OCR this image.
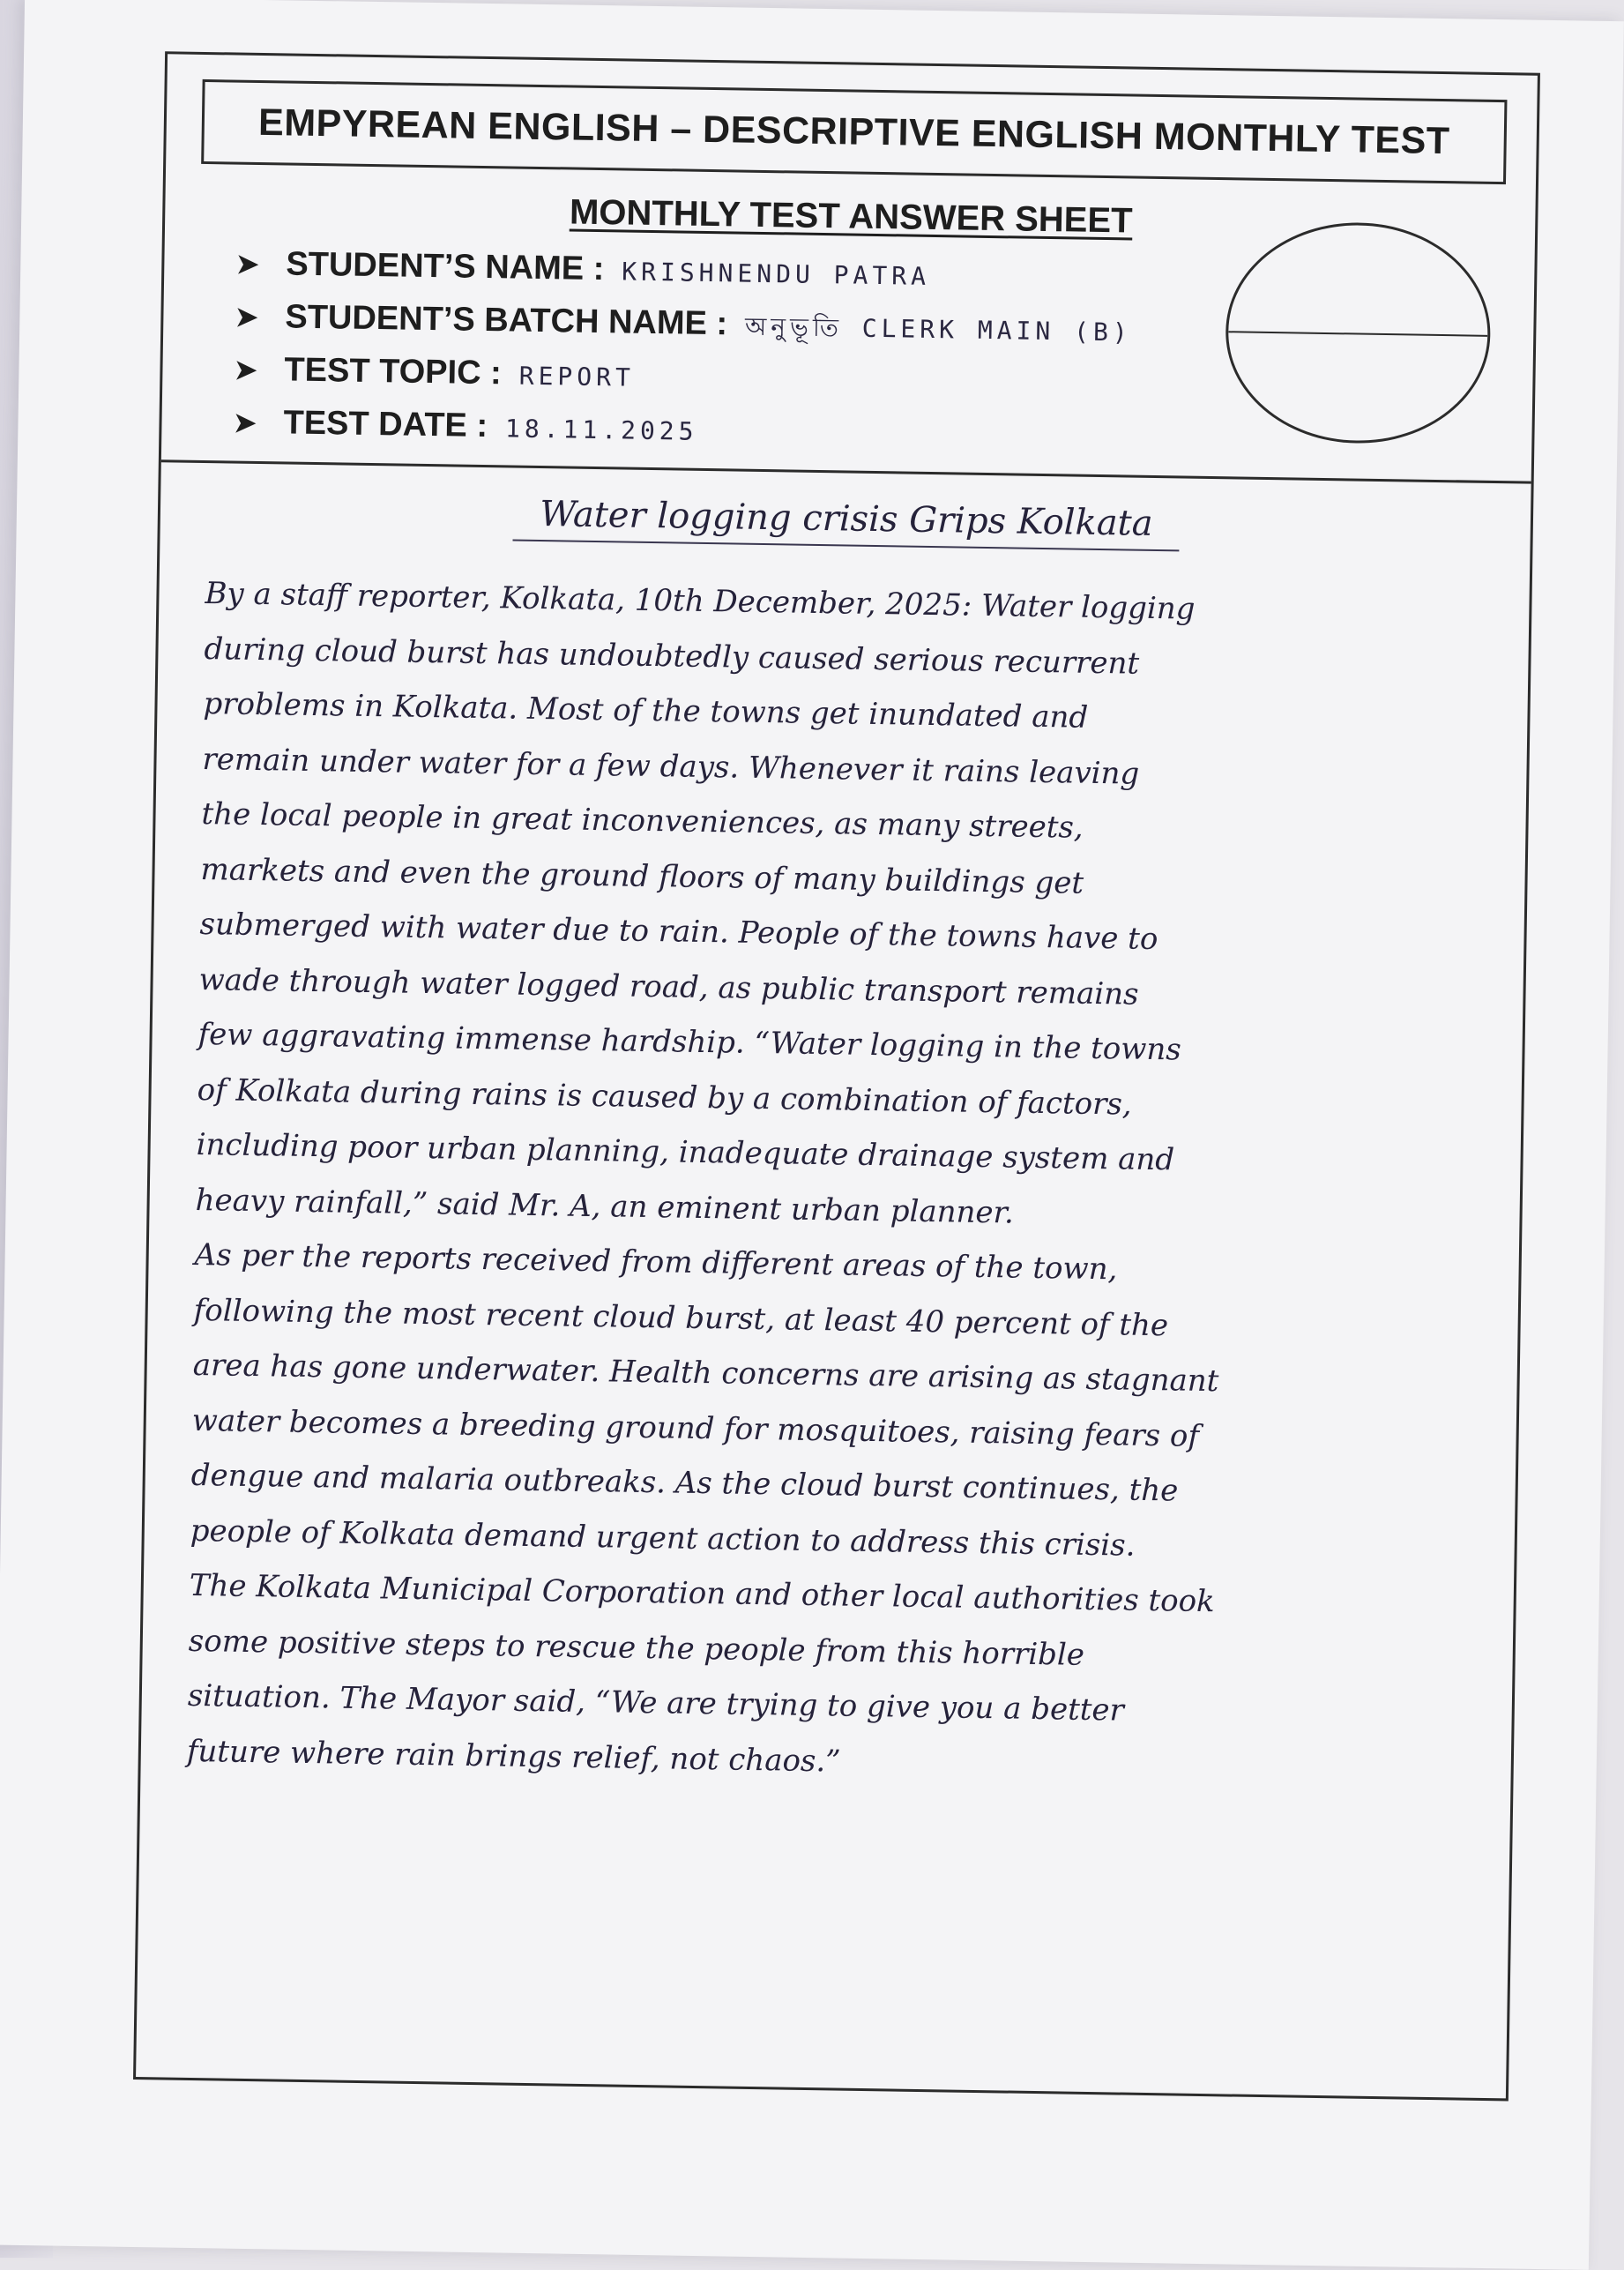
EMPYREAN ENGLISH – DESCRIPTIVE ENGLISH MONTHLY TEST
MONTHLY TEST ANSWER SHEET
➤ STUDENT’S NAME : KRISHNENDU PATRA
➤ STUDENT’S BATCH NAME : অনুভূতি CLERK MAIN (B)
➤ TEST TOPIC : REPORT
➤ TEST DATE : 18.11.2025
Water logging crisis Grips Kolkata
By a staff reporter, Kolkata, 10th December, 2025: Water logging
during cloud burst has undoubtedly caused serious recurrent
problems in Kolkata. Most of the towns get inundated and
remain under water for a few days. Whenever it rains leaving
the local people in great inconveniences, as many streets,
markets and even the ground floors of many buildings get
submerged with water due to rain. People of the towns have to
wade through water logged road, as public transport remains
few aggravating immense hardship. “Water logging in the towns
of Kolkata during rains is caused by a combination of factors,
including poor urban planning, inadequate drainage system and
heavy rainfall,” said Mr. A, an eminent urban planner.
As per the reports received from different areas of the town,
following the most recent cloud burst, at least 40 percent of the
area has gone underwater. Health concerns are arising as stagnant
water becomes a breeding ground for mosquitoes, raising fears of
dengue and malaria outbreaks. As the cloud burst continues, the
people of Kolkata demand urgent action to address this crisis.
The Kolkata Municipal Corporation and other local authorities took
some positive steps to rescue the people from this horrible
situation. The Mayor said, “We are trying to give you a better
future where rain brings relief, not chaos.”
